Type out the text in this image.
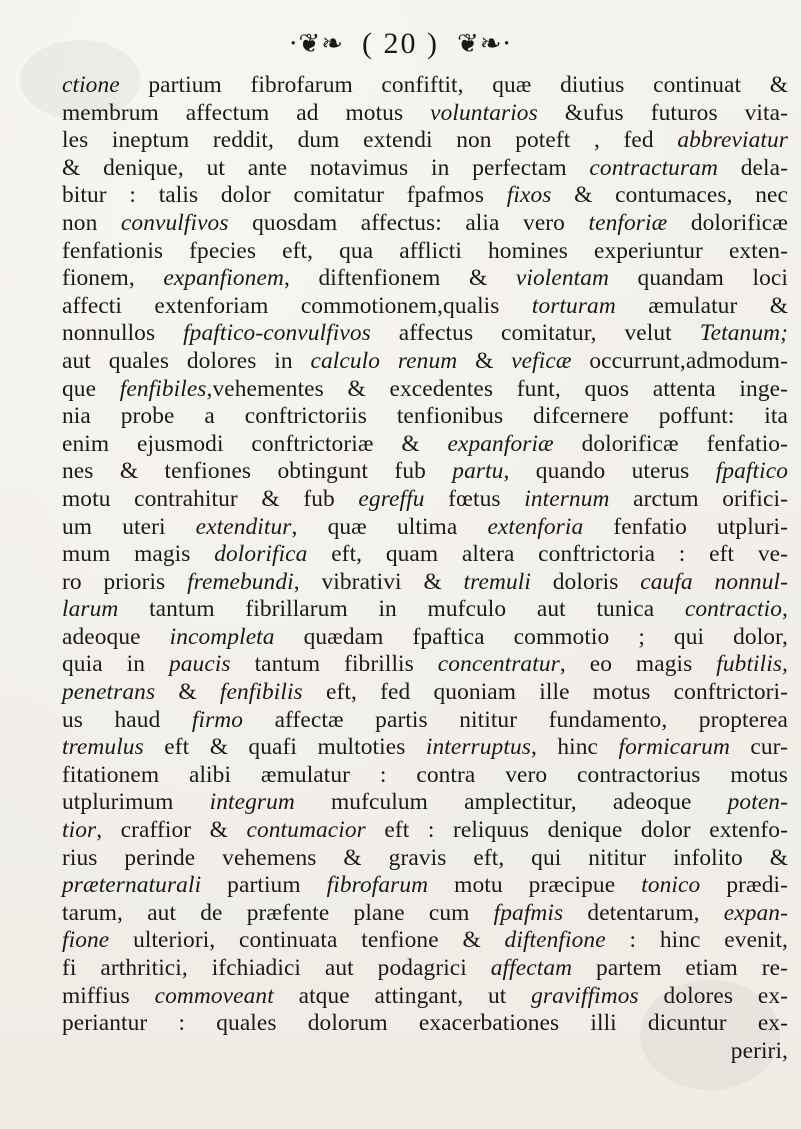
·❦❧ ( 20 ) ❦❧·
ctione partium fibrofarum confiftit, quæ diutius continuat &
membrum affectum ad motus voluntarios &ufus futuros vita-
les ineptum reddit, dum extendi non poteft , fed abbreviatur
& denique, ut ante notavimus in perfectam contracturam dela-
bitur : talis dolor comitatur fpafmos fixos & contumaces, nec
non convulfivos quosdam affectus: alia vero tenforiæ dolorificæ
fenfationis fpecies eft, qua afflicti homines experiuntur exten-
fionem, expanfionem, diftenfionem & violentam quandam loci
affecti extenforiam commotionem,qualis torturam æmulatur &
nonnullos fpaftico-convulfivos affectus comitatur, velut Tetanum;
aut quales dolores in calculo renum & veficæ occurrunt,admodum-
que fenfibiles,vehementes & excedentes funt, quos attenta inge-
nia probe a conftrictoriis tenfionibus difcernere poffunt: ita
enim ejusmodi conftrictoriæ & expanforiæ dolorificæ fenfatio-
nes & tenfiones obtingunt fub partu, quando uterus fpaftico
motu contrahitur & fub egreffu fœtus internum arctum orifici-
um uteri extenditur, quæ ultima extenforia fenfatio utpluri-
mum magis dolorifica eft, quam altera conftrictoria : eft ve-
ro prioris fremebundi, vibrativi & tremuli doloris caufa nonnul-
larum tantum fibrillarum in mufculo aut tunica contractio,
adeoque incompleta quædam fpaftica commotio ; qui dolor,
quia in paucis tantum fibrillis concentratur, eo magis fubtilis,
penetrans & fenfibilis eft, fed quoniam ille motus conftrictori-
us haud firmo affectæ partis nititur fundamento, propterea
tremulus eft & quafi multoties interruptus, hinc formicarum cur-
fitationem alibi æmulatur : contra vero contractorius motus
utplurimum integrum mufculum amplectitur, adeoque poten-
tior, craffior & contumacior eft : reliquus denique dolor extenfo-
rius perinde vehemens & gravis eft, qui nititur infolito &
præternaturali partium fibrofarum motu præcipue tonico prædi-
tarum, aut de præfente plane cum fpafmis detentarum, expan-
fione ulteriori, continuata tenfione & diftenfione : hinc evenit,
fi arthritici, ifchiadici aut podagrici affectam partem etiam re-
miffius commoveant atque attingant, ut graviffimos dolores ex-
periantur : quales dolorum exacerbationes illi dicuntur ex-
periri,
